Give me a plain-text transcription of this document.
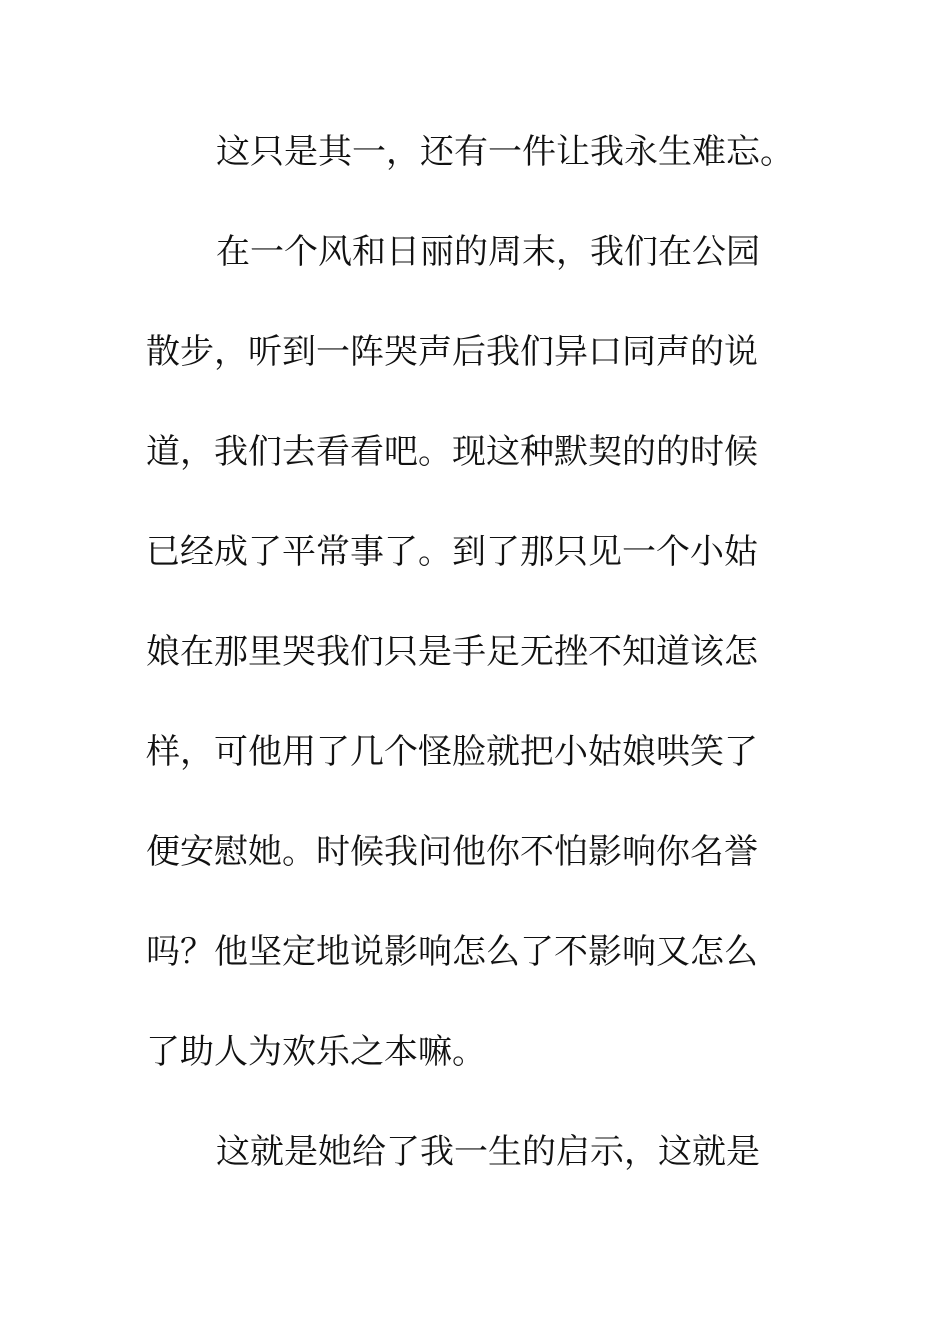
这只是其一，还有一件让我永生难忘。
在一个风和日丽的周末，我们在公园
散步，听到一阵哭声后我们异口同声的说
道，我们去看看吧。现这种默契的的时候
已经成了平常事了。到了那只见一个小姑
娘在那里哭我们只是手足无挫不知道该怎
样，可他用了几个怪脸就把小姑娘哄笑了
便安慰她。时候我问他你不怕影响你名誉
吗？他坚定地说影响怎么了不影响又怎么
了助人为欢乐之本嘛。
这就是她给了我一生的启示，这就是
